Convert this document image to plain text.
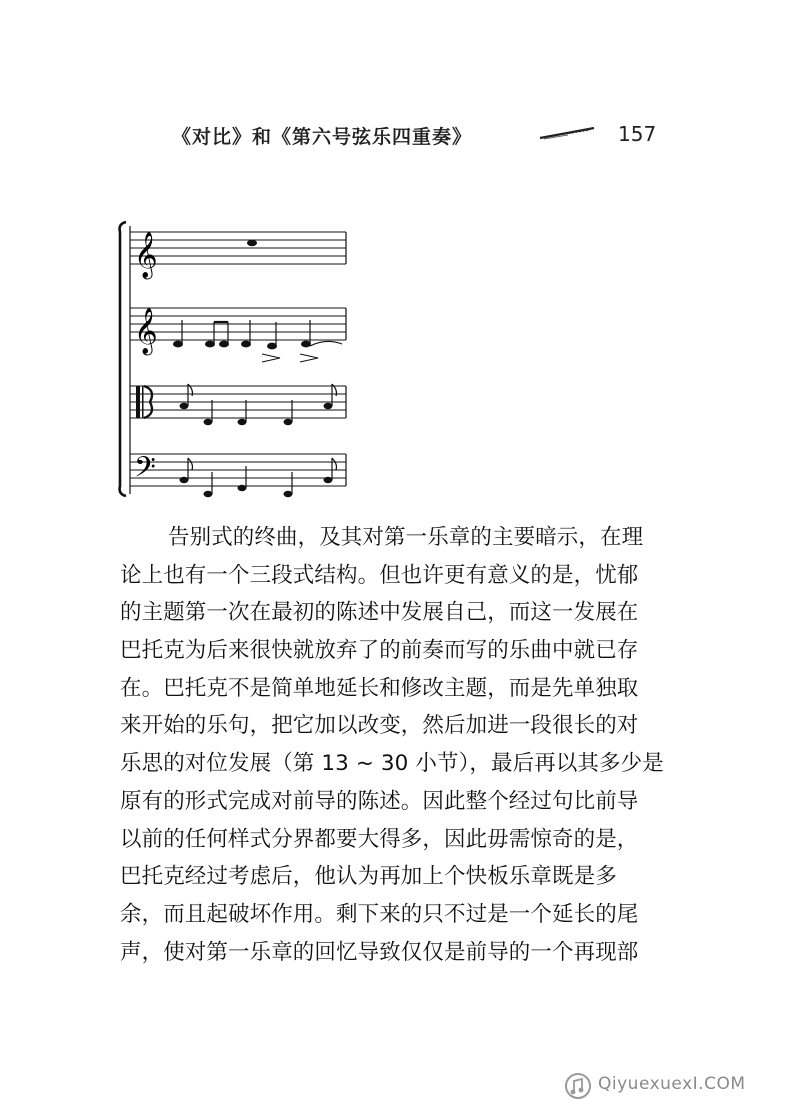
《对比》和《第六号弦乐四重奏》	157
𝄞
𝄞
𝄢
告别式的终曲，及其对第一乐章的主要暗示，在理
论上也有一个三段式结构。但也许更有意义的是，忧郁
的主题第一次在最初的陈述中发展自己，而这一发展在
巴托克为后来很快就放弃了的前奏而写的乐曲中就已存
在。巴托克不是简单地延长和修改主题，而是先单独取
来开始的乐句，把它加以改变，然后加进一段很长的对
乐思的对位发展（第 13 ~ 30 小节），最后再以其多少是
原有的形式完成对前导的陈述。因此整个经过句比前导
以前的任何样式分界都要大得多，因此毋需惊奇的是，
巴托克经过考虑后，他认为再加上个快板乐章既是多
余，而且起破坏作用。剩下来的只不过是一个延长的尾
声，使对第一乐章的回忆导致仅仅是前导的一个再现部
QiyuexuexI.COM
